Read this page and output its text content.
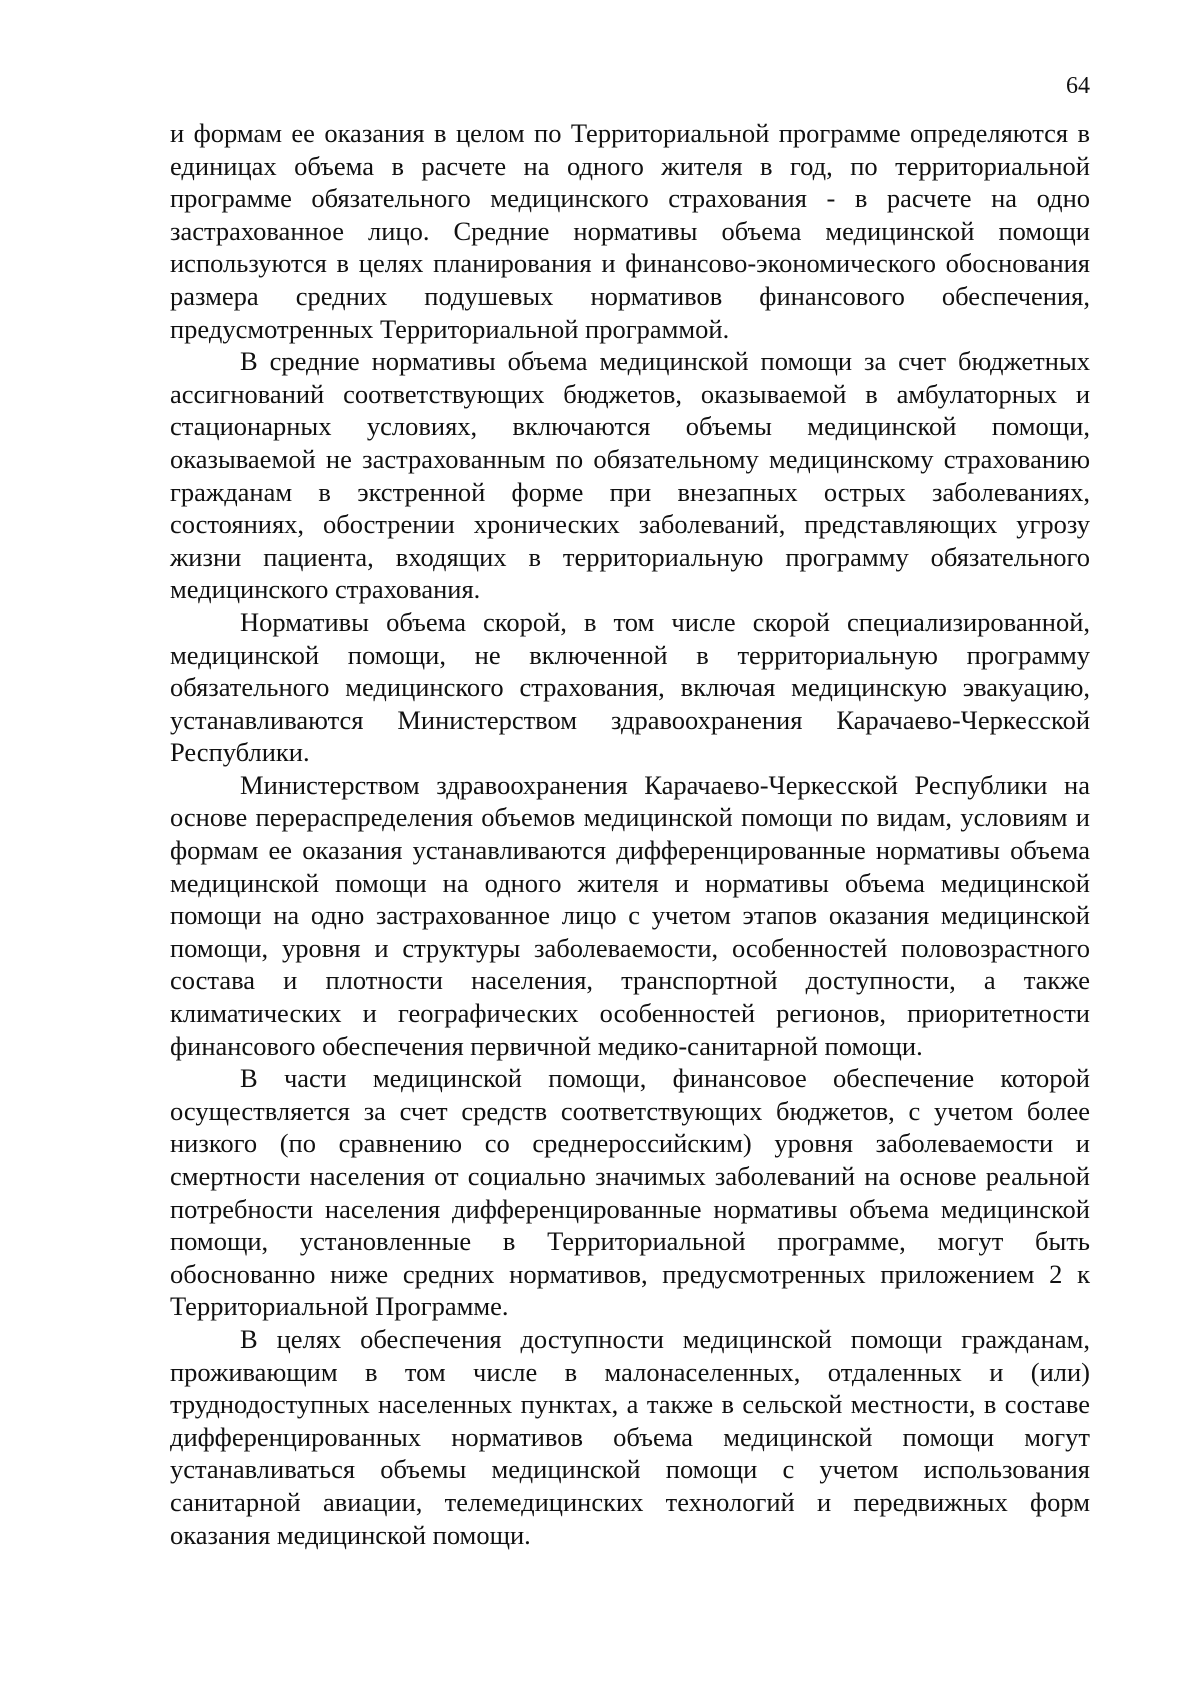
64

и формам ее оказания в целом по Территориальной программе определяются в единицах объема в расчете на одного жителя в год, по территориальной программе обязательного медицинского страхования - в расчете на одно застрахованное лицо. Средние нормативы объема медицинской помощи используются в целях планирования и финансово-экономического обоснования размера средних подушевых нормативов финансового обеспечения, предусмотренных Территориальной программой.

В средние нормативы объема медицинской помощи за счет бюджетных ассигнований соответствующих бюджетов, оказываемой в амбулаторных и стационарных условиях, включаются объемы медицинской помощи, оказываемой не застрахованным по обязательному медицинскому страхованию гражданам в экстренной форме при внезапных острых заболеваниях, состояниях, обострении хронических заболеваний, представляющих угрозу жизни пациента, входящих в территориальную программу обязательного медицинского страхования.

Нормативы объема скорой, в том числе скорой специализированной, медицинской помощи, не включенной в территориальную программу обязательного медицинского страхования, включая медицинскую эвакуацию, устанавливаются Министерством здравоохранения Карачаево-Черкесской Республики.

Министерством здравоохранения Карачаево-Черкесской Республики на основе перераспределения объемов медицинской помощи по видам, условиям и формам ее оказания устанавливаются дифференцированные нормативы объема медицинской помощи на одного жителя и нормативы объема медицинской помощи на одно застрахованное лицо с учетом этапов оказания медицинской помощи, уровня и структуры заболеваемости, особенностей половозрастного состава и плотности населения, транспортной доступности, а также климатических и географических особенностей регионов, приоритетности финансового обеспечения первичной медико-санитарной помощи.

В части медицинской помощи, финансовое обеспечение которой осуществляется за счет средств соответствующих бюджетов, с учетом более низкого (по сравнению со среднероссийским) уровня заболеваемости и смертности населения от социально значимых заболеваний на основе реальной потребности населения дифференцированные нормативы объема медицинской помощи, установленные в Территориальной программе, могут быть обоснованно ниже средних нормативов, предусмотренных приложением 2 к Территориальной Программе.

В целях обеспечения доступности медицинской помощи гражданам, проживающим в том числе в малонаселенных, отдаленных и (или) труднодоступных населенных пунктах, а также в сельской местности, в составе дифференцированных нормативов объема медицинской помощи могут устанавливаться объемы медицинской помощи с учетом использования санитарной авиации, телемедицинских технологий и передвижных форм оказания медицинской помощи.
